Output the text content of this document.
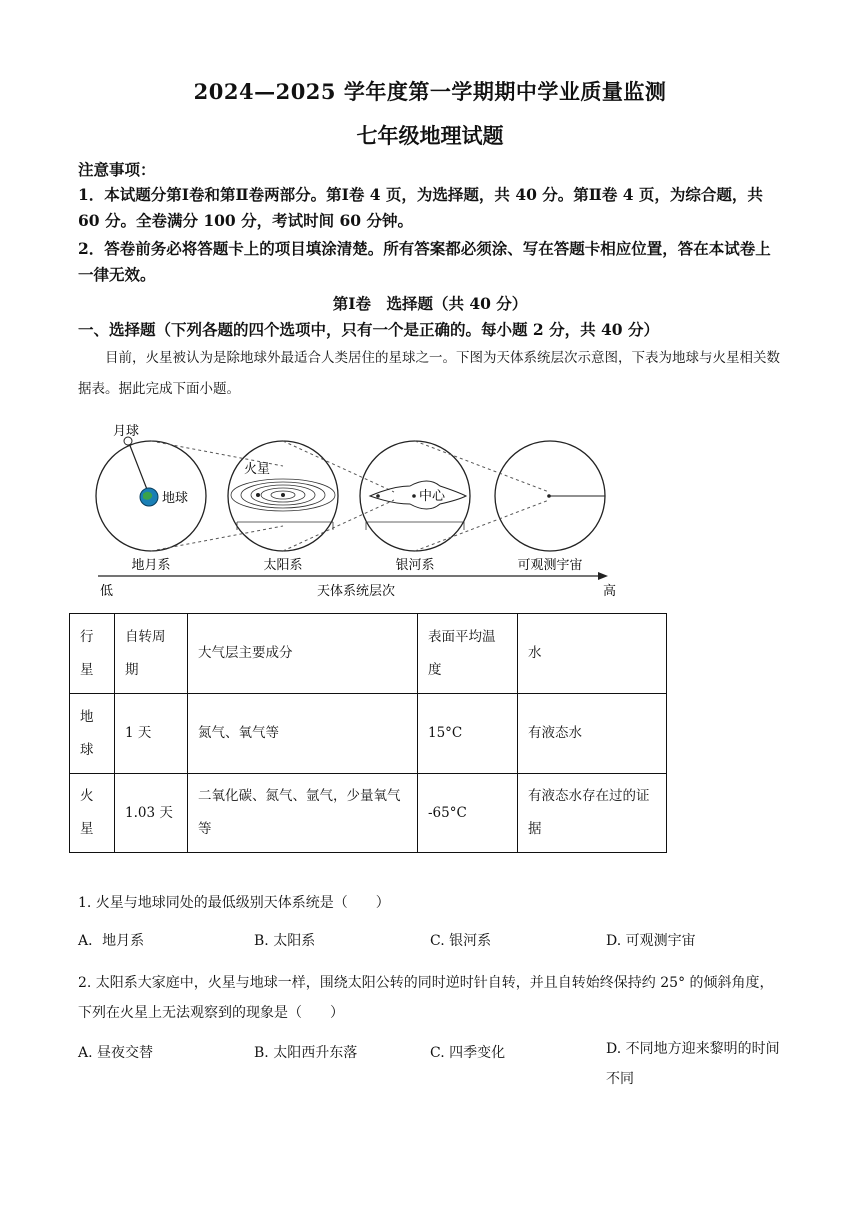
2024—2025 学年度第一学期期中学业质量监测
七年级地理试题
注意事项：
1．本试题分第Ⅰ卷和第Ⅱ卷两部分。第Ⅰ卷 4 页，为选择题，共 40 分。第Ⅱ卷 4 页，为综合题，共 60 分。全卷满分 100 分，考试时间 60 分钟。
2．答卷前务必将答题卡上的项目填涂清楚。所有答案都必须涂、写在答题卡相应位置，答在本试卷上一律无效。
第Ⅰ卷　选择题（共 40 分）
一、选择题（下列各题的四个选项中，只有一个是正确的。每小题 2 分，共 40 分）
目前，火星被认为是除地球外最适合人类居住的星球之一。下图为天体系统层次示意图，下表为地球与火星相关数据表。据此完成下面小题。
月球
地球
火星
中心
地月系	太阳系	银河系	可观测宇宙
低	天体系统层次	高
行星	自转周期	大气层主要成分	表面平均温度	水
地球	1 天	氮气、氧气等	15°C	有液态水
火星	1.03 天	二氧化碳、氮气、氩气，少量氧气等	-65°C	有液态水存在过的证据
1. 火星与地球同处的最低级别天体系统是（　　）
A．地月系	B. 太阳系	C. 银河系	D. 可观测宇宙
2. 太阳系大家庭中，火星与地球一样，围绕太阳公转的同时逆时针自转，并且自转始终保持约 25° 的倾斜角度，下列在火星上无法观察到的现象是（　　）
A. 昼夜交替	B. 太阳西升东落	C. 四季变化	D. 不同地方迎来黎明的时间不同
